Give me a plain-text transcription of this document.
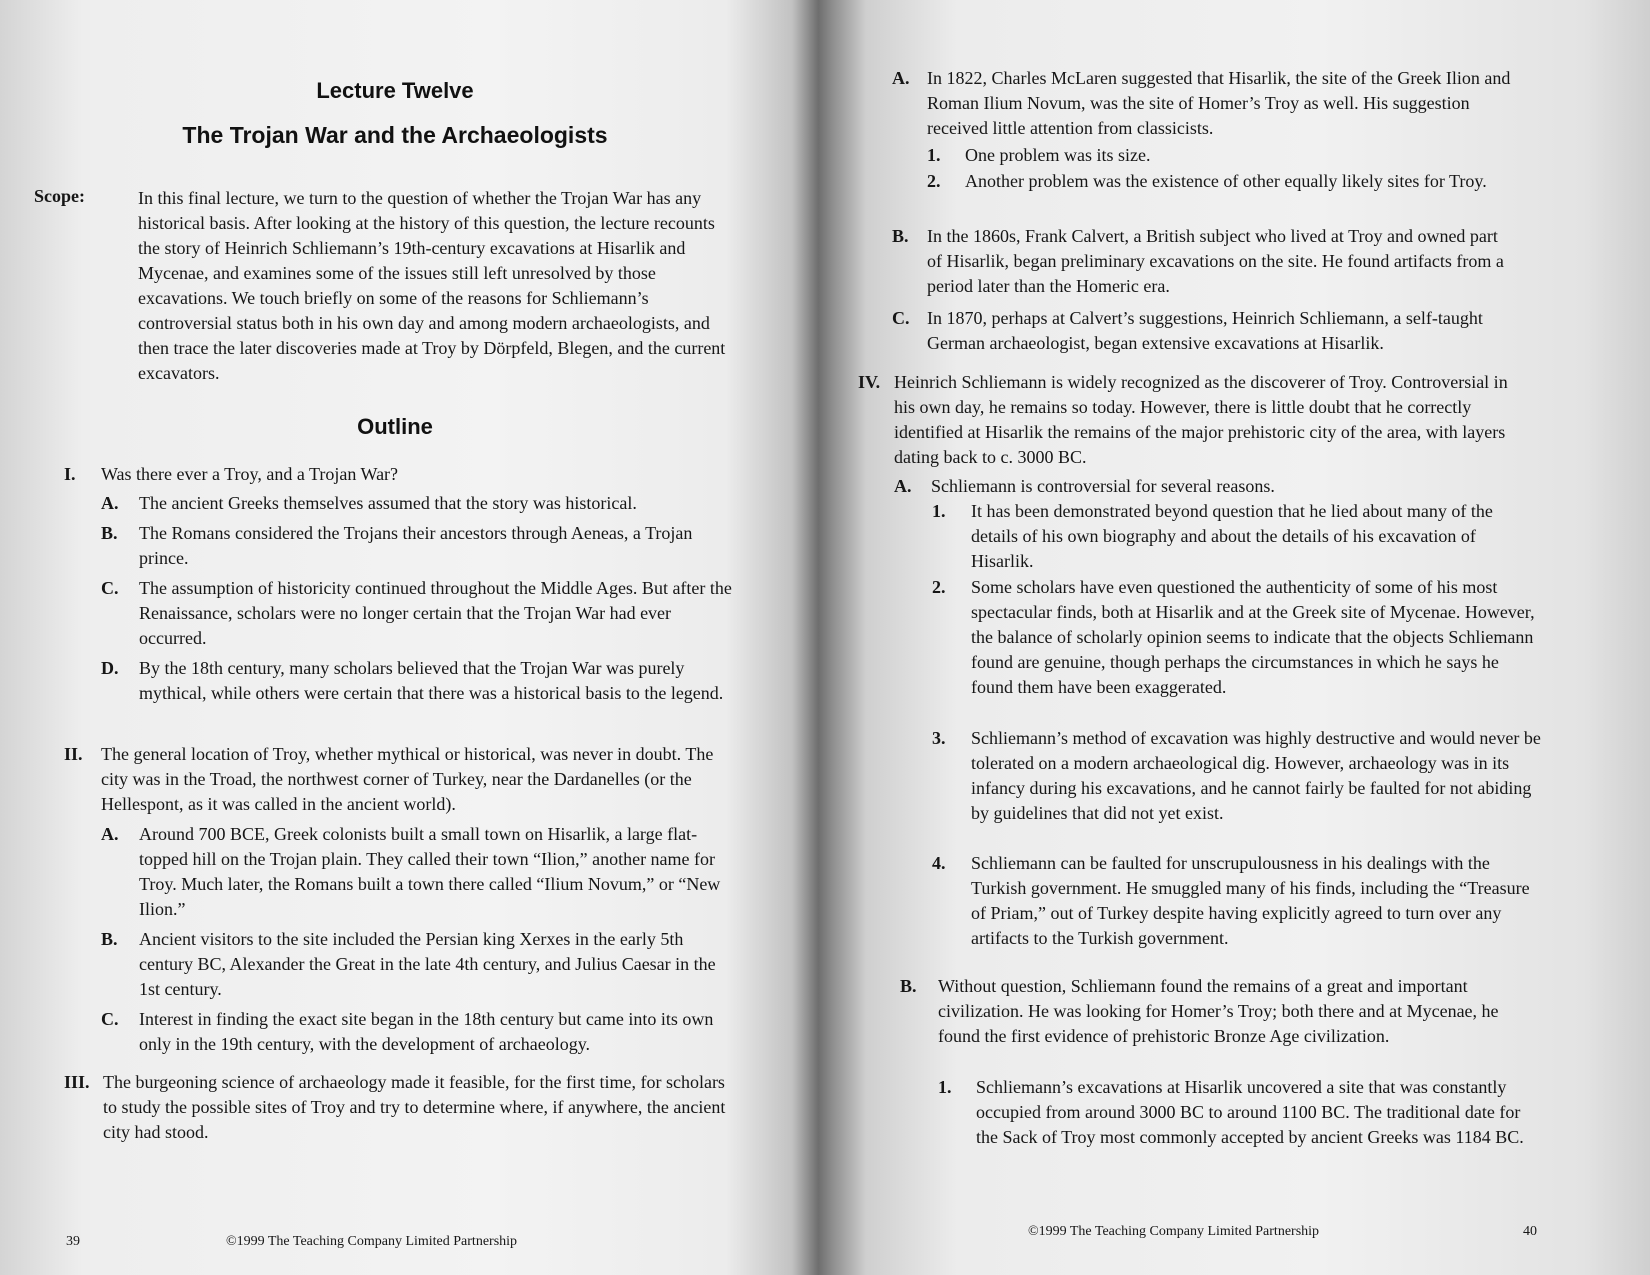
Lecture Twelve
The Trojan War and the Archaeologists
Scope:	In this final lecture, we turn to the question of whether the Trojan War has any historical basis. After looking at the history of this question, the lecture recounts the story of Heinrich Schliemann’s 19th-century excavations at Hisarlik and Mycenae, and examines some of the issues still left unresolved by those excavations. We touch briefly on some of the reasons for Schliemann’s controversial status both in his own day and among modern archaeologists, and then trace the later discoveries made at Troy by Dörpfeld, Blegen, and the current excavators.
Outline
I. Was there ever a Troy, and a Trojan War?
A. The ancient Greeks themselves assumed that the story was historical.
B. The Romans considered the Trojans their ancestors through Aeneas, a Trojan prince.
C. The assumption of historicity continued throughout the Middle Ages. But after the Renaissance, scholars were no longer certain that the Trojan War had ever occurred.
D. By the 18th century, many scholars believed that the Trojan War was purely mythical, while others were certain that there was a historical basis to the legend.
II. The general location of Troy, whether mythical or historical, was never in doubt. The city was in the Troad, the northwest corner of Turkey, near the Dardanelles (or the Hellespont, as it was called in the ancient world).
A. Around 700 BCE, Greek colonists built a small town on Hisarlik, a large flat-topped hill on the Trojan plain. They called their town “Ilion,” another name for Troy. Much later, the Romans built a town there called “Ilium Novum,” or “New Ilion.”
B. Ancient visitors to the site included the Persian king Xerxes in the early 5th century BC, Alexander the Great in the late 4th century, and Julius Caesar in the 1st century.
C. Interest in finding the exact site began in the 18th century but came into its own only in the 19th century, with the development of archaeology.
III. The burgeoning science of archaeology made it feasible, for the first time, for scholars to study the possible sites of Troy and try to determine where, if anywhere, the ancient city had stood.
39	©1999 The Teaching Company Limited Partnership
A. In 1822, Charles McLaren suggested that Hisarlik, the site of the Greek Ilion and Roman Ilium Novum, was the site of Homer’s Troy as well. His suggestion received little attention from classicists.
1. One problem was its size.
2. Another problem was the existence of other equally likely sites for Troy.
B. In the 1860s, Frank Calvert, a British subject who lived at Troy and owned part of Hisarlik, began preliminary excavations on the site. He found artifacts from a period later than the Homeric era.
C. In 1870, perhaps at Calvert’s suggestions, Heinrich Schliemann, a self-taught German archaeologist, began extensive excavations at Hisarlik.
IV. Heinrich Schliemann is widely recognized as the discoverer of Troy. Controversial in his own day, he remains so today. However, there is little doubt that he correctly identified at Hisarlik the remains of the major prehistoric city of the area, with layers dating back to c. 3000 BC.
A. Schliemann is controversial for several reasons.
1. It has been demonstrated beyond question that he lied about many of the details of his own biography and about the details of his excavation of Hisarlik.
2. Some scholars have even questioned the authenticity of some of his most spectacular finds, both at Hisarlik and at the Greek site of Mycenae. However, the balance of scholarly opinion seems to indicate that the objects Schliemann found are genuine, though perhaps the circumstances in which he says he found them have been exaggerated.
3. Schliemann’s method of excavation was highly destructive and would never be tolerated on a modern archaeological dig. However, archaeology was in its infancy during his excavations, and he cannot fairly be faulted for not abiding by guidelines that did not yet exist.
4. Schliemann can be faulted for unscrupulousness in his dealings with the Turkish government. He smuggled many of his finds, including the “Treasure of Priam,” out of Turkey despite having explicitly agreed to turn over any artifacts to the Turkish government.
B. Without question, Schliemann found the remains of a great and important civilization. He was looking for Homer’s Troy; both there and at Mycenae, he found the first evidence of prehistoric Bronze Age civilization.
1. Schliemann’s excavations at Hisarlik uncovered a site that was constantly occupied from around 3000 BC to around 1100 BC. The traditional date for the Sack of Troy most commonly accepted by ancient Greeks was 1184 BC.
©1999 The Teaching Company Limited Partnership	40
